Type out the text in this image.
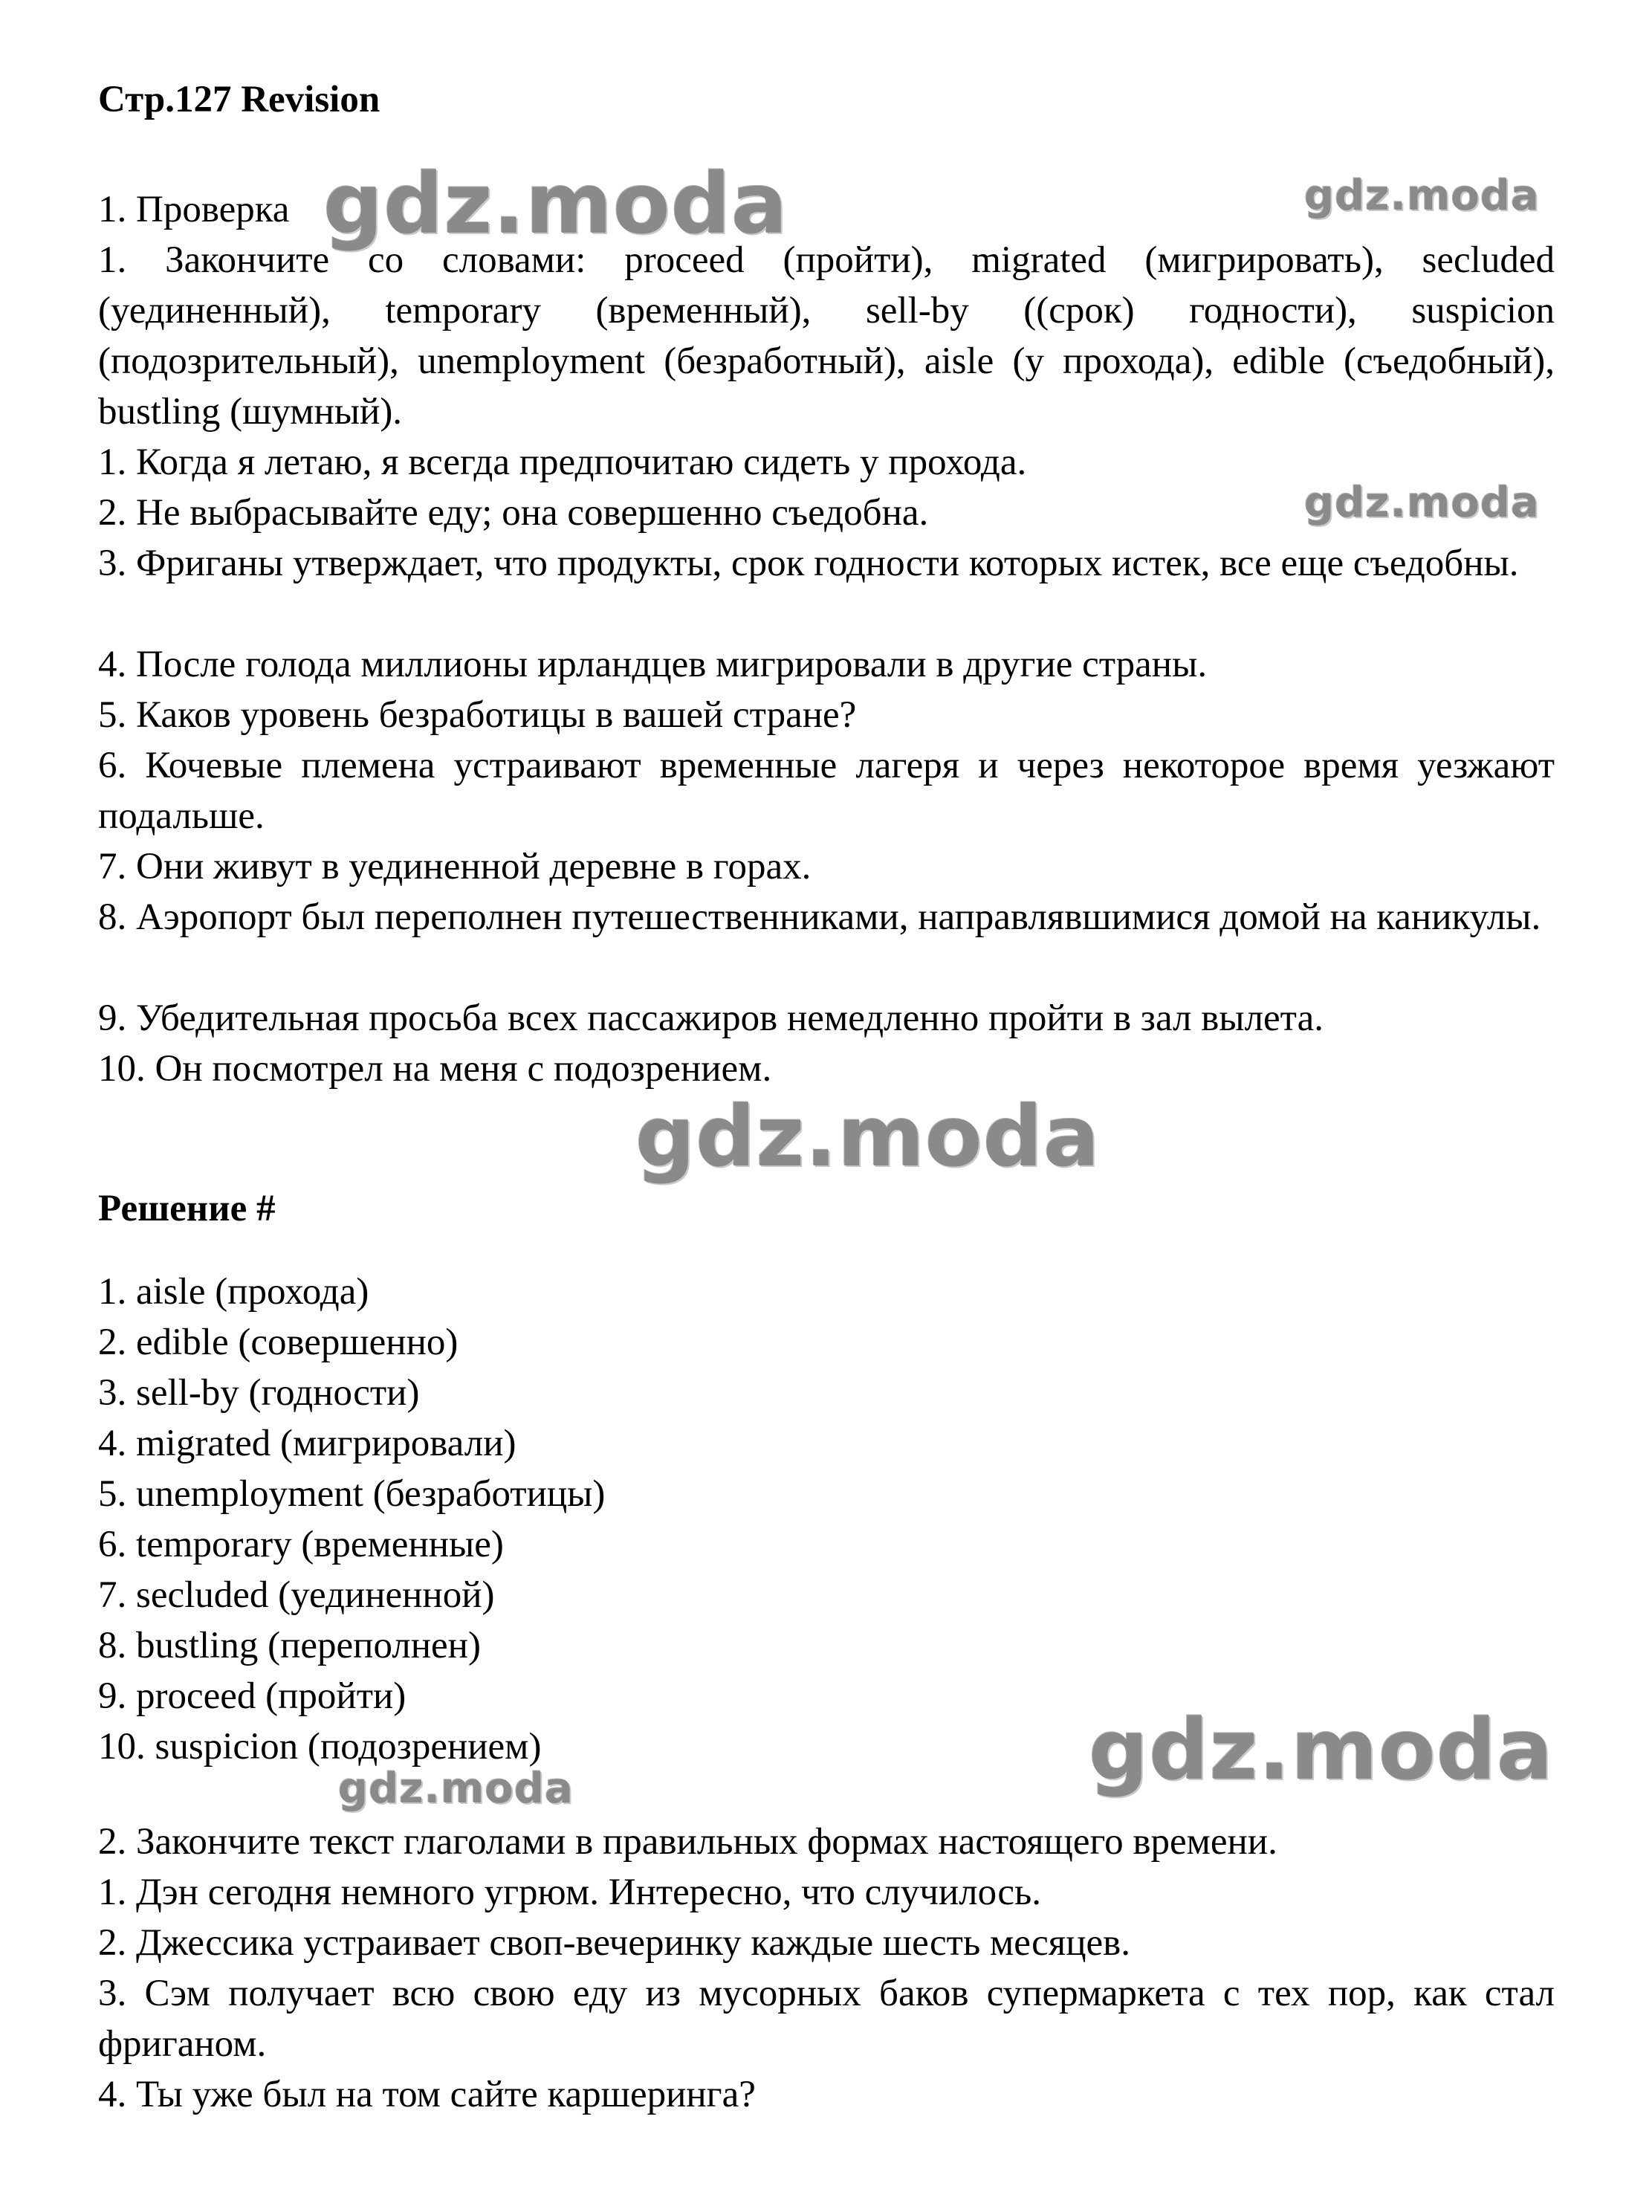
Стр.127 Revision
1. Проверка
1. Закончите со словами: proceed (пройти), migrated (мигрировать), secluded (уединенный), temporary (временный), sell-by ((срок) годности), suspicion (подозрительный), unemployment (безработный), aisle (у прохода), edible (съедобный), bustling (шумный).
1. Когда я летаю, я всегда предпочитаю сидеть у прохода.
2. Не выбрасывайте еду; она совершенно съедобна.
3. Фриганы утверждает, что продукты, срок годности которых истек, все еще съедобны.
4. После голода миллионы ирландцев мигрировали в другие страны.
5. Каков уровень безработицы в вашей стране?
6. Кочевые племена устраивают временные лагеря и через некоторое время уезжают подальше.
7. Они живут в уединенной деревне в горах.
8. Аэропорт был переполнен путешественниками, направлявшимися домой на каникулы.
9. Убедительная просьба всех пассажиров немедленно пройти в зал вылета.
10. Он посмотрел на меня с подозрением.
Решение #
1. aisle (прохода)
2. edible (совершенно)
3. sell-by (годности)
4. migrated (мигрировали)
5. unemployment (безработицы)
6. temporary (временные)
7. secluded (уединенной)
8. bustling (переполнен)
9. proceed (пройти)
10. suspicion (подозрением)
2. Закончите текст глаголами в правильных формах настоящего времени.
1. Дэн сегодня немного угрюм. Интересно, что случилось.
2. Джессика устраивает своп-вечеринку каждые шесть месяцев.
3. Сэм получает всю свою еду из мусорных баков супермаркета с тех пор, как стал фриганом.
4. Ты уже был на том сайте каршеринга?
gdz.moda	gdz.moda
gdz.moda
gdz.moda
gdz.moda
gdz.moda
